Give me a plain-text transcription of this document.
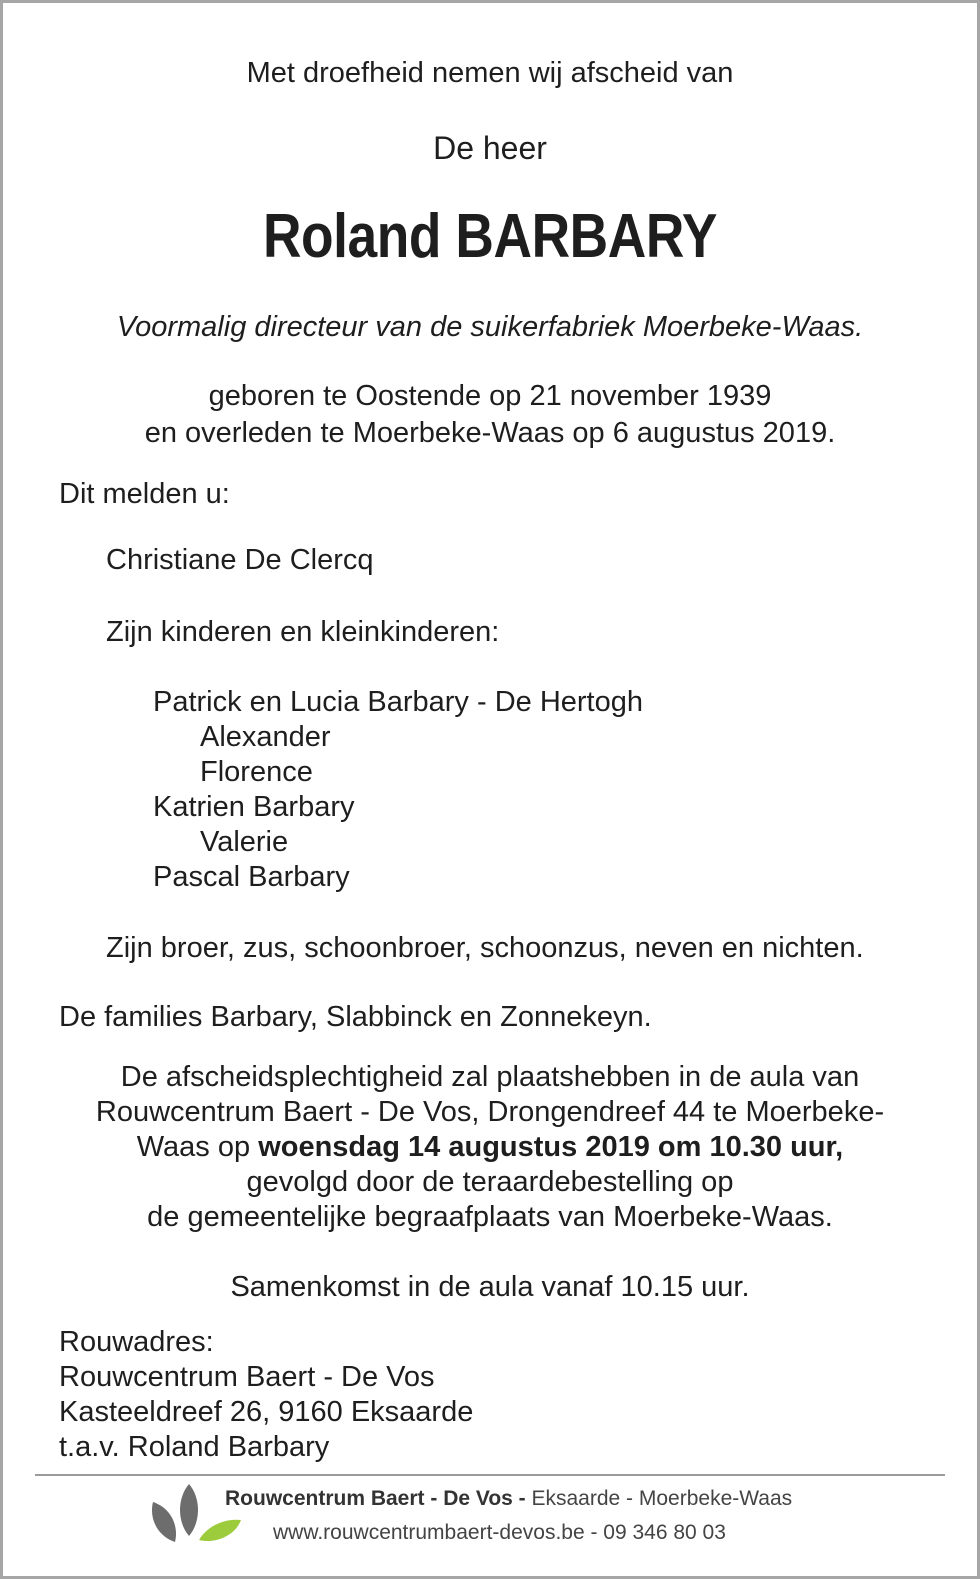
Met droefheid nemen wij afscheid van
De heer
Roland BARBARY
Voormalig directeur van de suikerfabriek Moerbeke-Waas.
geboren te Oostende op 21 november 1939
en overleden te Moerbeke-Waas op 6 augustus 2019.
Dit melden u:
Christiane De Clercq
Zijn kinderen en kleinkinderen:
Patrick en Lucia Barbary - De Hertogh
Alexander
Florence
Katrien Barbary
Valerie
Pascal Barbary
Zijn broer, zus, schoonbroer, schoonzus, neven en nichten.
De families Barbary, Slabbinck en Zonnekeyn.
De afscheidsplechtigheid zal plaatshebben in de aula van
Rouwcentrum Baert - De Vos, Drongendreef 44 te Moerbeke-
Waas op woensdag 14 augustus 2019 om 10.30 uur,
gevolgd door de teraardebestelling op
de gemeentelijke begraafplaats van Moerbeke-Waas.
Samenkomst in de aula vanaf 10.15 uur.
Rouwadres:
Rouwcentrum Baert - De Vos
Kasteeldreef 26, 9160 Eksaarde
t.a.v. Roland Barbary
Rouwcentrum Baert - De Vos - Eksaarde - Moerbeke-Waas
www.rouwcentrumbaert-devos.be - 09 346 80 03
